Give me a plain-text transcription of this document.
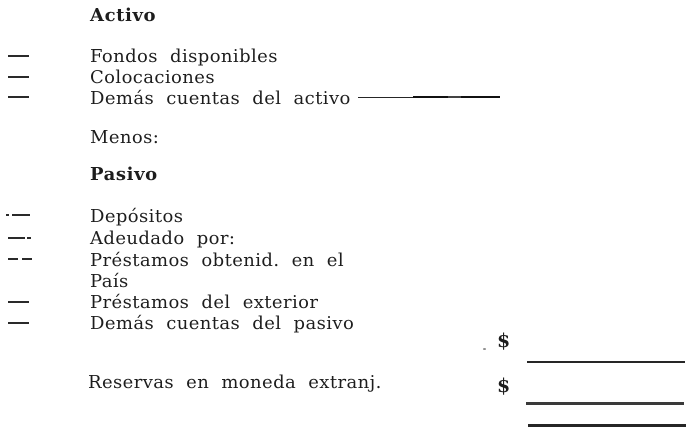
Activo
Fondos disponibles
Colocaciones
Demás cuentas del activo
Menos:
Pasivo
Depósitos
Adeudado por:
Préstamos obtenid. en el
País
Préstamos del exterior
Demás cuentas del pasivo
$
Reservas en moneda extranj.	$
